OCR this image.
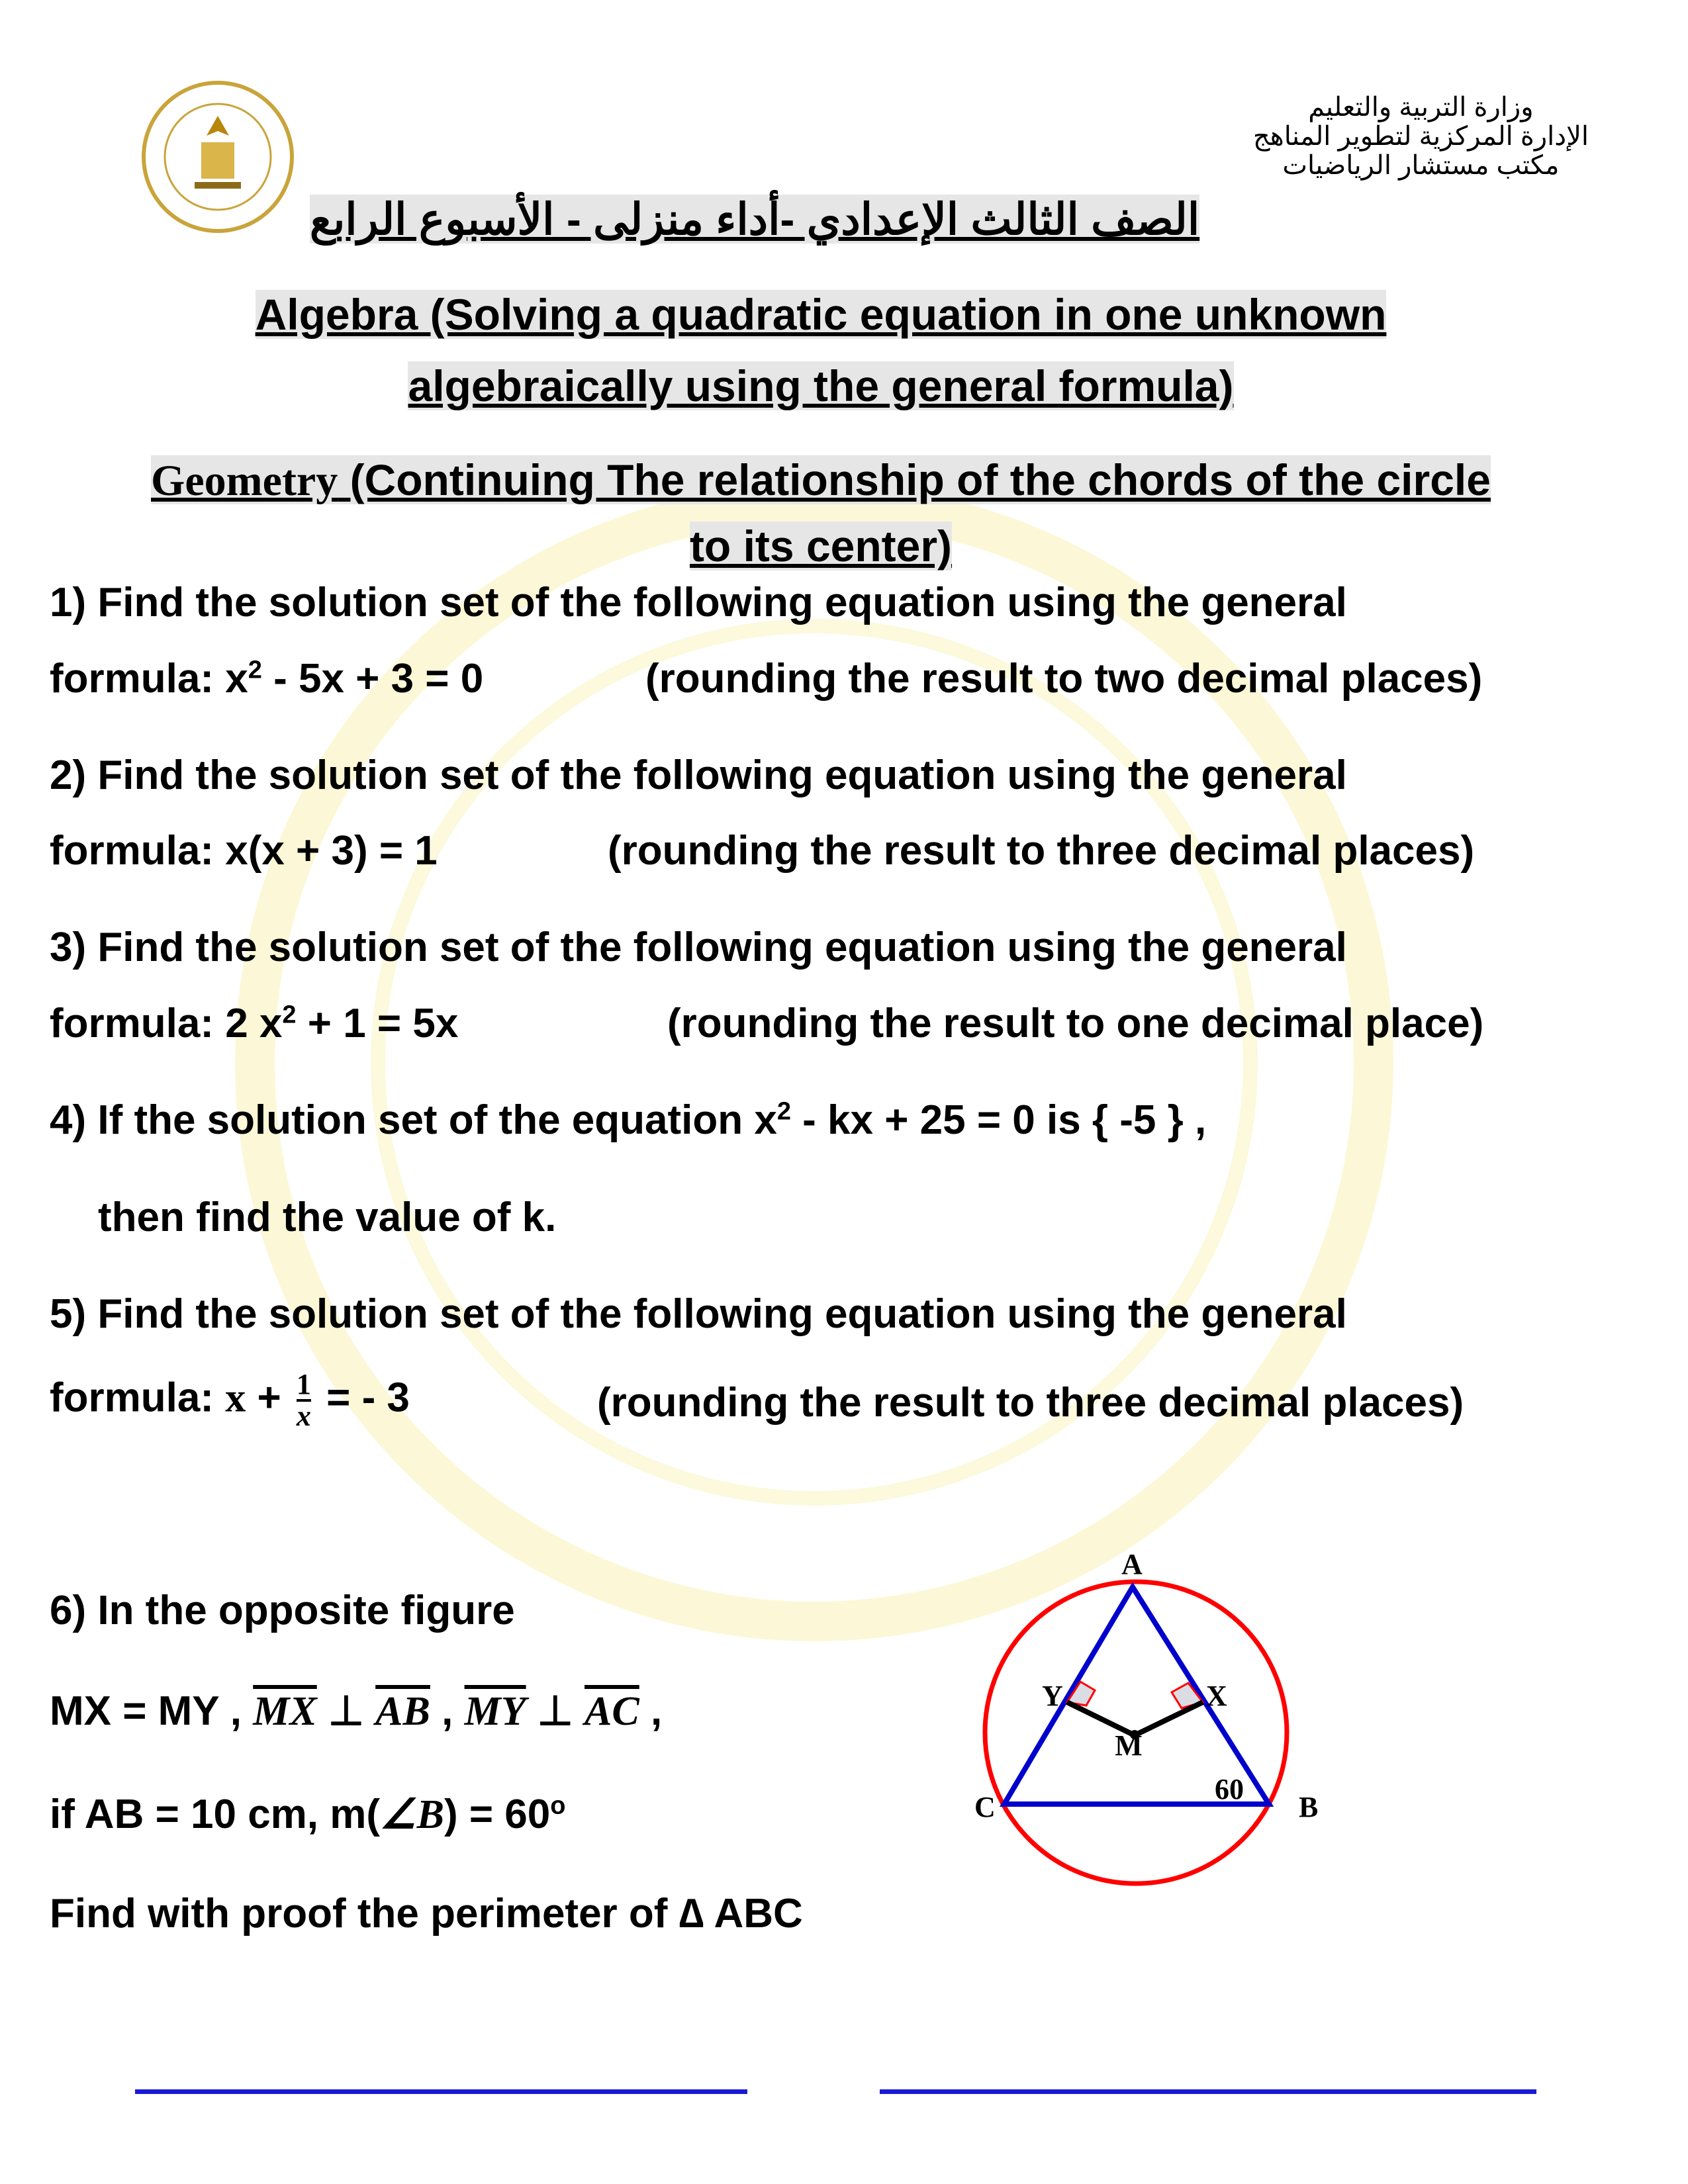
وزارة التربية والتعليم
الإدارة المركزية لتطوير المناهج
مكتب مستشار الرياضيات
الصف الثالث الإعدادي -أداء منزلى - الأسبوع الرابع
Algebra (Solving a quadratic equation in one unknown
algebraically using the general formula)
Geometry (Continuing The relationship of the chords of the circle
to its center)
1) Find the solution set of the following equation using the general
formula: $x^2 - 5x + 3 = 0$	(rounding the result to two decimal places)
2) Find the solution set of the following equation using the general
formula: x(x + 3) = 1	(rounding the result to three decimal places)
3) Find the solution set of the following equation using the general
formula: 2 $x^2 + 1 = 5x$	(rounding the result to one decimal place)
4) If the solution set of the equation $x^2$ - kx + 25 = 0 is { -5 } ,
then find the value of k.
5) Find the solution set of the following equation using the general
formula: $x + \frac{1}{x}$ = - 3	(rounding the result to three decimal places)
6) In the opposite figure
MX = MY , $\overline{MX}$ ⊥ $\overline{AB}$ , $\overline{MY}$ ⊥ $\overline{AC}$ ,
if AB = 10 cm, m(∠B) = $60^o$
Find with proof the perimeter of ∆ ABC
A
B
C
X
Y
M
60
